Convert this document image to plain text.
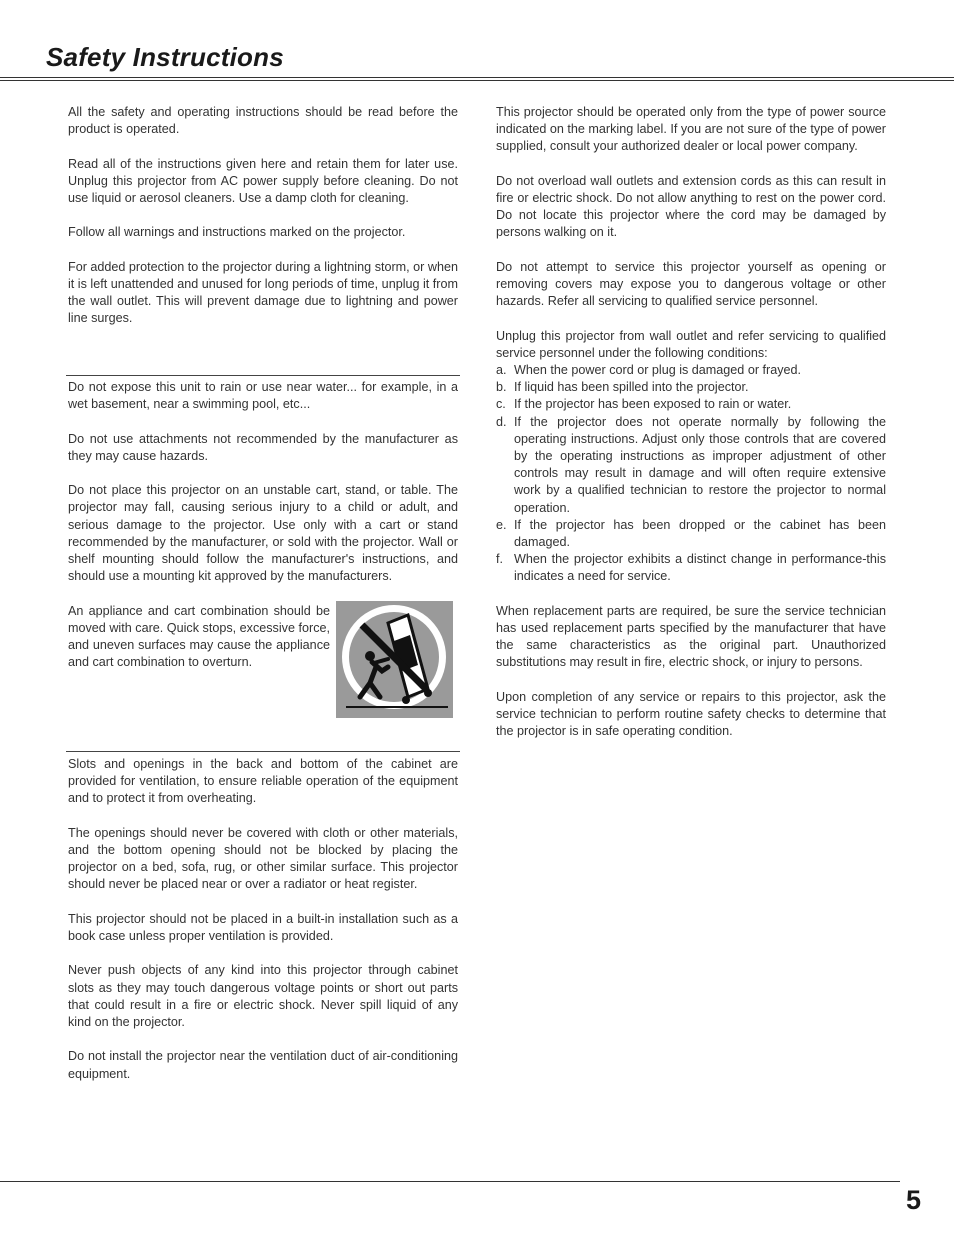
Safety Instructions

All the safety and operating instructions should be read before the product is operated.

Read all of the instructions given here and retain them for later use. Unplug this projector from AC power supply before cleaning. Do not use liquid or aerosol cleaners. Use a damp cloth for cleaning.

Follow all warnings and instructions marked on the projector.

For added protection to the projector during a lightning storm, or when it is left unattended and unused for long periods of time, unplug it from the wall outlet. This will prevent damage due to lightning and power line surges.

Do not expose this unit to rain or use near water... for example, in a wet basement, near a swimming pool, etc...

Do not use attachments not recommended by the manufacturer as they may cause hazards.

Do not place this projector on an unstable cart, stand, or table. The projector may fall, causing serious injury to a child or adult, and serious damage to the projector. Use only with a cart or stand recommended by the manufacturer, or sold with the projector. Wall or shelf mounting should follow the manufacturer's instructions, and should use a mounting kit approved by the manufacturers.

An appliance and cart combination should be moved with care. Quick stops, excessive force, and uneven surfaces may cause the appliance and cart combination to overturn.

Slots and openings in the back and bottom of the cabinet are provided for ventilation, to ensure reliable operation of the equipment and to protect it from overheating.

The openings should never be covered with cloth or other materials, and the bottom opening should not be blocked by placing the projector on a bed, sofa, rug, or other similar surface. This projector should never be placed near or over a radiator or heat register.

This projector should not be placed in a built-in installation such as a book case unless proper ventilation is provided.

Never push objects of any kind into this projector through cabinet slots as they may touch dangerous voltage points or short out parts that could result in a fire or electric shock. Never spill liquid of any kind on the projector.

Do not install the projector near the ventilation duct of air-conditioning equipment.

This projector should be operated only from the type of power source indicated on the marking label. If you are not sure of the type of power supplied, consult your authorized dealer or local power company.

Do not overload wall outlets and extension cords as this can result in fire or electric shock. Do not allow anything to rest on the power cord. Do not locate this projector where the cord may be damaged by persons walking on it.

Do not attempt to service this projector yourself as opening or removing covers may expose you to dangerous voltage or other hazards. Refer all servicing to qualified service personnel.

Unplug this projector from wall outlet and refer servicing to qualified service personnel under the following conditions:

a. When the power cord or plug is damaged or frayed.
b. If liquid has been spilled into the projector.
c. If the projector has been exposed to rain or water.
d. If the projector does not operate normally by following the operating instructions. Adjust only those controls that are covered by the operating instructions as improper adjustment of other controls may result in damage and will often require extensive work by a qualified technician to restore the projector to normal operation.
e. If the projector has been dropped or the cabinet has been damaged.
f. When the projector exhibits a distinct change in performance-this indicates a need for service.

When replacement parts are required, be sure the service technician has used replacement parts specified by the manufacturer that have the same characteristics as the original part. Unauthorized substitutions may result in fire, electric shock, or injury to persons.

Upon completion of any service or repairs to this projector, ask the service technician to perform routine safety checks to determine that the projector is in safe operating condition.

5
